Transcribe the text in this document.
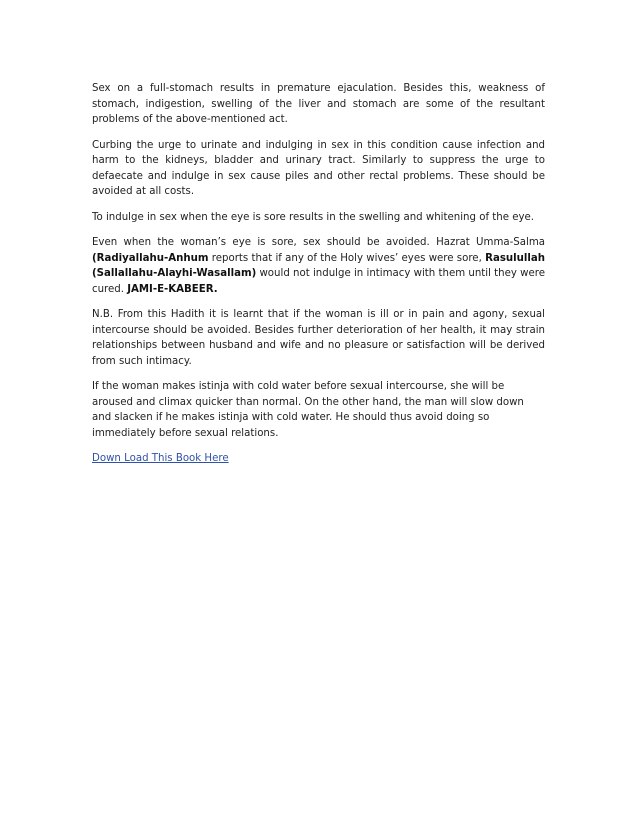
Sex on a full-stomach results in premature ejaculation. Besides this, weakness of stomach, indigestion, swelling of the liver and stomach are some of the resultant problems of the above-mentioned act.

Curbing the urge to urinate and indulging in sex in this condition cause infection and harm to the kidneys, bladder and urinary tract. Similarly to suppress the urge to defaecate and indulge in sex cause piles and other rectal problems. These should be avoided at all costs.

To indulge in sex when the eye is sore results in the swelling and whitening of the eye.

Even when the woman’s eye is sore, sex should be avoided. Hazrat Umma-Salma (Radiyallahu-Anhum reports that if any of the Holy wives’ eyes were sore, Rasulullah (Sallallahu-Alayhi-Wasallam) would not indulge in intimacy with them until they were cured. JAMI-E-KABEER.

N.B. From this Hadith it is learnt that if the woman is ill or in pain and agony, sexual intercourse should be avoided. Besides further deterioration of her health, it may strain relationships between husband and wife and no pleasure or satisfaction will be derived from such intimacy.

If the woman makes istinja with cold water before sexual intercourse, she will be
aroused and climax quicker than normal. On the other hand, the man will slow down
and slacken if he makes istinja with cold water. He should thus avoid doing so
immediately before sexual relations.

Down Load This Book Here
